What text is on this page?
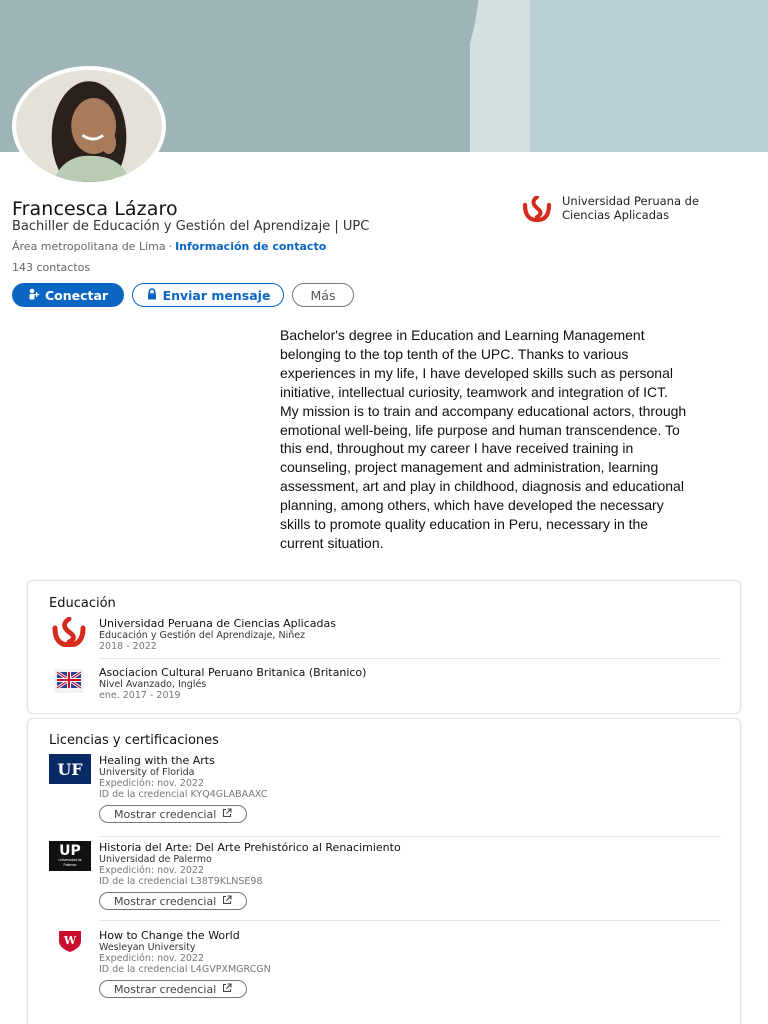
Francesca Lázaro
Bachiller de Educación y Gestión del Aprendizaje | UPC
Área metropolitana de Lima · Información de contacto
143 contactos
Conectar	Enviar mensaje	Más
Universidad Peruana de Ciencias Aplicadas
Bachelor's degree in Education and Learning Management
belonging to the top tenth of the UPC. Thanks to various
experiences in my life, I have developed skills such as personal
initiative, intellectual curiosity, teamwork and integration of ICT.
My mission is to train and accompany educational actors, through
emotional well-being, life purpose and human transcendence. To
this end, throughout my career I have received training in
counseling, project management and administration, learning
assessment, art and play in childhood, diagnosis and educational
planning, among others, which have developed the necessary
skills to promote quality education in Peru, necessary in the
current situation.
Educación
Universidad Peruana de Ciencias Aplicadas
Educación y Gestión del Aprendizaje, Niñez
2018 - 2022
Asociacion Cultural Peruano Britanica (Britanico)
Nivel Avanzado, Inglés
ene. 2017 - 2019
Licencias y certificaciones
UF Healing with the Arts
University of Florida
Expedición: nov. 2022
ID de la credencial KYQ4GLABAAXC
Mostrar credencial
UP
Universidad de Palermo
Historia del Arte: Del Arte Prehistórico al Renacimiento
Universidad de Palermo
Expedición: nov. 2022
ID de la credencial L38T9KLNSE98
Mostrar credencial
W How to Change the World
Wesleyan University
Expedición: nov. 2022
ID de la credencial L4GVPXMGRCGN
Mostrar credencial
